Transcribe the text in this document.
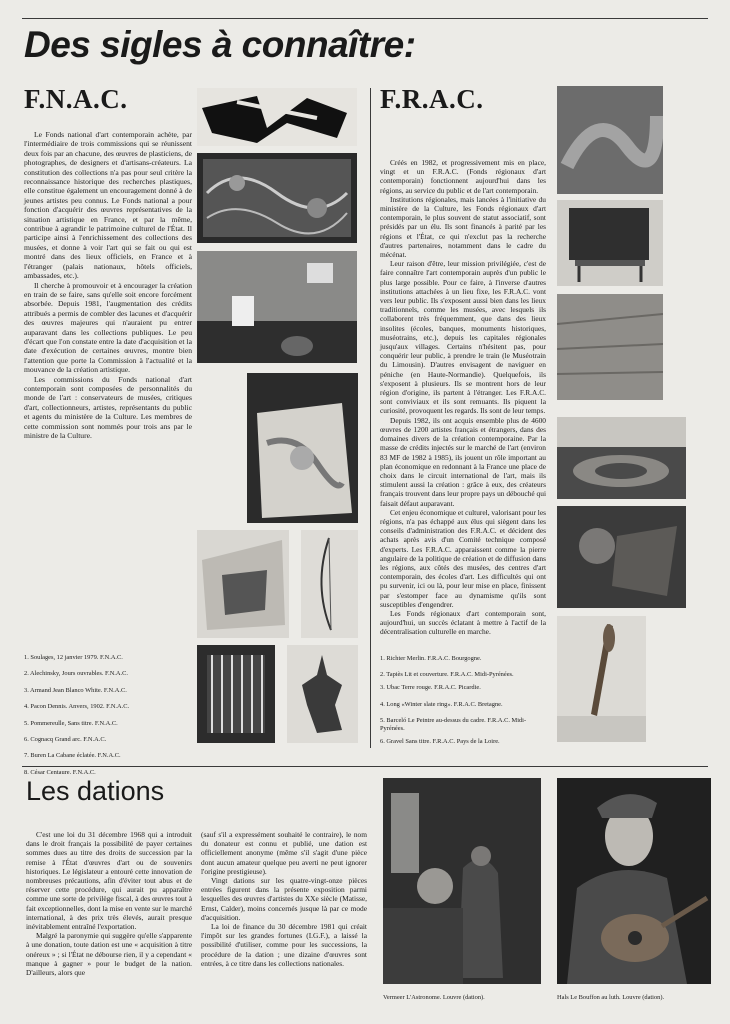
Des sigles à connaître:
F.N.A.C.

Le Fonds national d'art contemporain achète, par l'intermédiaire de trois commissions qui se réunissent deux fois par an chacune, des œuvres de plasticiens, de photographes, de designers et d'artisans-créateurs. La constitution des collections n'a pas pour seul critère la reconnaissance historique des recherches plastiques, elle constitue également un encouragement donné à de jeunes artistes peu connus. Le Fonds national a pour fonction d'acquérir des œuvres représentatives de la situation artistique en France, et par la même, contribue à agrandir le patrimoine culturel de l'État. Il participe ainsi à l'enrichissement des collections des musées, et donne à voir l'art qui se fait ou qui est montré dans des lieux officiels, en France et à l'étranger (palais nationaux, hôtels officiels, ambassades, etc.).

Il cherche à promouvoir et à encourager la création en train de se faire, sans qu'elle soit encore forcément absorbée. Depuis 1981, l'augmentation des crédits attribués a permis de combler des lacunes et d'acquérir des œuvres majeures qui n'auraient pu entrer auparavant dans les collections publiques. Le peu d'écart que l'on constate entre la date d'acquisition et la date d'exécution de certaines œuvres, montre bien l'attention que porte la Commission à l'actualité et la mouvance de la création artistique.

Les commissions du Fonds national d'art contemporain sont composées de personnalités du monde de l'art : conservateurs de musées, critiques d'art, collectionneurs, artistes, représentants du public et agents du ministère de la Culture. Les membres de cette commission sont nommés pour trois ans par le ministre de la Culture.

1. Soulages, 12 janvier 1979. F.N.A.C.
2. Alechinsky, Jours ouvrables. F.N.A.C.
3. Armand Jean Blanco White. F.N.A.C.
4. Pacon Dennis. Anvers, 1902. F.N.A.C.
5. Pommereulle, Sans titre. F.N.A.C.
6. Cognacq Grand arc. F.N.A.C.
7. Buren La Cabane éclatée. F.N.A.C.
8. César Centaure. F.N.A.C.
F.R.A.C.

Créés en 1982, et progressivement mis en place, vingt et un F.R.A.C. (Fonds régionaux d'art contemporain) fonctionnent aujourd'hui dans les régions, au service du public et de l'art contemporain.

Institutions régionales, mais lancées à l'initiative du ministère de la Culture, les Fonds régionaux d'art contemporain, le plus souvent de statut associatif, sont présidés par un élu. Ils sont financés à parité par les régions et l'État, ce qui n'exclut pas la recherche d'autres partenaires, notamment dans le cadre du mécénat.

Leur raison d'être, leur mission privilégiée, c'est de faire connaître l'art contemporain auprès d'un public le plus large possible. Pour ce faire, à l'inverse d'autres institutions attachées à un lieu fixe, les F.R.A.C. vont vers leur public. Ils s'exposent aussi bien dans les lieux traditionnels, comme les musées, avec lesquels ils collaborent très fréquemment, que dans des lieux insolites (écoles, banques, monuments historiques, muséotrains, etc.), depuis les capitales régionales jusqu'aux villages. Certains n'hésitent pas, pour conquérir leur public, à prendre le train (le Muséotrain du Limousin). D'autres envisagent de naviguer en péniche (en Haute-Normandie). Quelquefois, ils s'exposent à plusieurs. Ils se montrent hors de leur région d'origine, ils partent à l'étranger. Les F.R.A.C. sont conviviaux et ils sont remuants. Ils piquent la curiosité, provoquent les regards. Ils sont de leur temps.

Depuis 1982, ils ont acquis ensemble plus de 4600 œuvres de 1200 artistes français et étrangers, dans des domaines divers de la création contemporaine. Par la masse de crédits injectés sur le marché de l'art (environ 83 MF de 1982 à 1985), ils jouent un rôle important au plan économique en redonnant à la France une place de choix dans le circuit international de l'art, mais ils stimulent aussi la création : grâce à eux, des créateurs français trouvent dans leur propre pays un débouché qui faisait défaut auparavant.

Cet enjeu économique et culturel, valorisant pour les régions, n'a pas échappé aux élus qui siègent dans les conseils d'administration des F.R.A.C. et décident des achats après avis d'un Comité technique composé d'experts. Les F.R.A.C. apparaissent comme la pierre angulaire de la politique de création et de diffusion dans les régions, aux côtés des musées, des centres d'art contemporain, des écoles d'art. Les difficultés qui ont pu survenir, ici ou là, pour leur mise en place, finissent par s'estomper face au dynamisme qu'ils sont susceptibles d'engendrer.

Les Fonds régionaux d'art contemporain sont, aujourd'hui, un succès éclatant à mettre à l'actif de la décentralisation culturelle en marche.

1. Richter Merlin. F.R.A.C. Bourgogne.
2. Tapiès Lit et couverture. F.R.A.C. Midi-Pyrénées.
3. Ubac Terre rouge. F.R.A.C. Picardie.
4. Long «Winter slate ring». F.R.A.C. Bretagne.
5. Barceló Le Peintre au-dessus du cadre. F.R.A.C. Midi-Pyrénées.
6. Gravel Sans titre. F.R.A.C. Pays de la Loire.
Les dations

C'est une loi du 31 décembre 1968 qui a introduit dans le droit français la possibilité de payer certaines sommes dues au titre des droits de succession par la remise à l'État d'œuvres d'art ou de souvenirs historiques. Le législateur a entouré cette innovation de nombreuses précautions, afin d'éviter tout abus et de réserver cette procédure, qui aurait pu apparaître comme une sorte de privilège fiscal, à des œuvres tout à fait exceptionnelles, dont la mise en vente sur le marché international, à des prix très élevés, aurait presque inévitablement entraîné l'exportation.

Malgré la paronymie qui suggère qu'elle s'apparente à une donation, toute dation est une « acquisition à titre onéreux » ; si l'État ne débourse rien, il y a cependant « manque à gagner » pour le budget de la nation. D'ailleurs, alors que

(sauf s'il a expressément souhaité le contraire), le nom du donateur est connu et publié, une dation est officiellement anonyme (même s'il s'agit d'une pièce dont aucun amateur quelque peu averti ne peut ignorer l'origine prestigieuse).

Vingt dations sur les quatre-vingt-onze pièces entrées figurent dans la présente exposition parmi lesquelles des œuvres d'artistes du XXe siècle (Matisse, Ernst, Calder), moins concernés jusque là par ce mode d'acquisition.

La loi de finance du 30 décembre 1981 qui créait l'impôt sur les grandes fortunes (I.G.F.), a laissé la possibilité d'utiliser, comme pour les successions, la procédure de la dation ; une dizaine d'œuvres sont entrées, à ce titre dans les collections nationales.

Vermeer L'Astronome. Louvre (dation).	Hals Le Bouffon au luth. Louvre (dation).
